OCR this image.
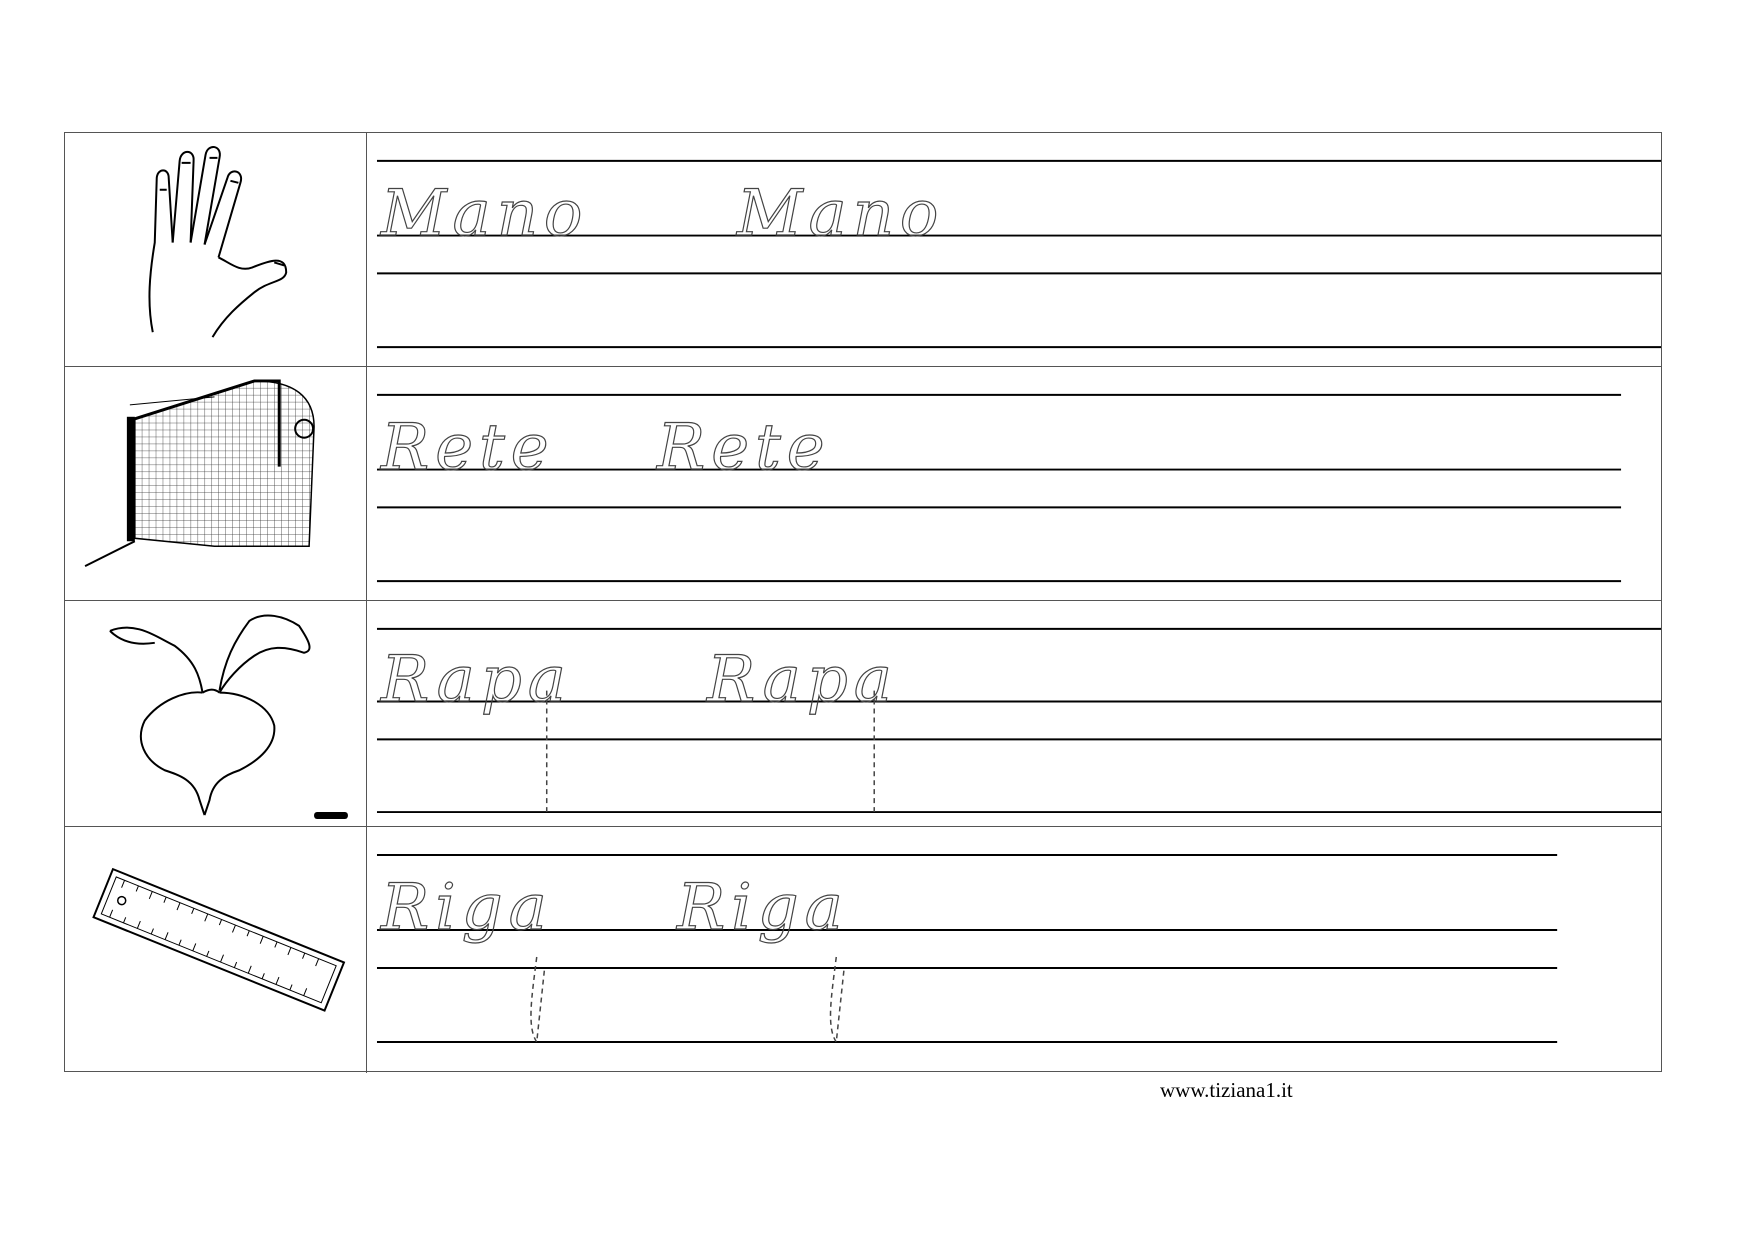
Mano Mano
Rete Rete
Rapa Rapa
Riga Riga
www.tiziana1.it
